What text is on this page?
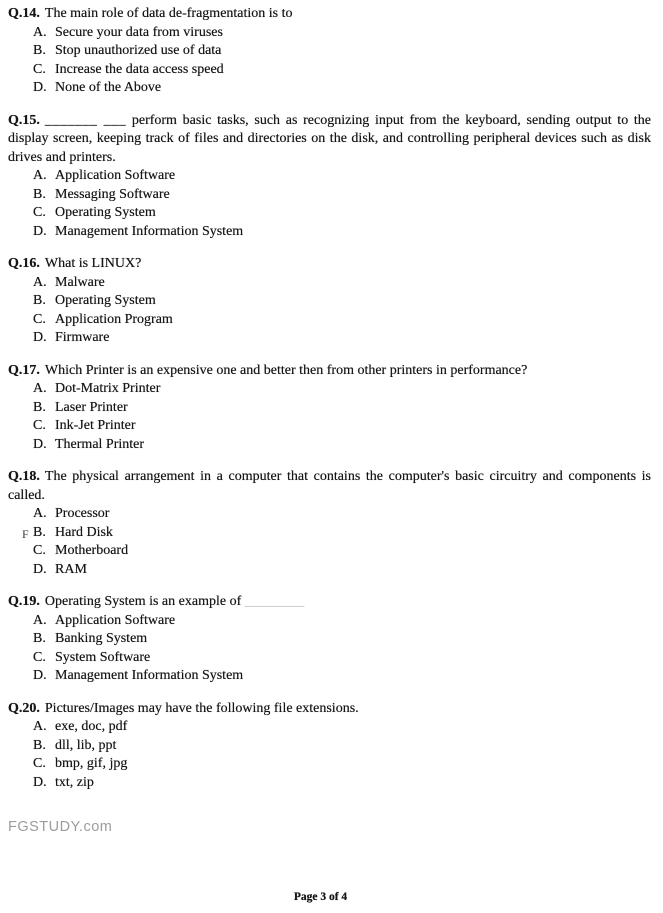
Q.14. The main role of data de-fragmentation is to

A. Secure your data from viruses
B. Stop unauthorized use of data
C. Increase the data access speed
D. None of the Above

Q.15. _______ ___ perform basic tasks, such as recognizing input from the keyboard, sending output to the display screen, keeping track of files and directories on the disk, and controlling peripheral devices such as disk drives and printers.

A. Application Software
B. Messaging Software
C. Operating System
D. Management Information System

Q.16. What is LINUX?

A. Malware
B. Operating System
C. Application Program
D. Firmware

Q.17. Which Printer is an expensive one and better then from other printers in performance?

A. Dot-Matrix Printer
B. Laser Printer
C. Ink-Jet Printer
D. Thermal Printer

Q.18. The physical arrangement in a computer that contains the computer's basic circuitry and components is called.

A. Processor
F B. Hard Disk
C. Motherboard
D. RAM

Q.19. Operating System is an example of ________

A. Application Software
B. Banking System
C. System Software
D. Management Information System

Q.20. Pictures/Images may have the following file extensions.

A. exe, doc, pdf
B. dll, lib, ppt
C. bmp, gif, jpg
D. txt, zip
FGSTUDY.com
Page 3 of 4
